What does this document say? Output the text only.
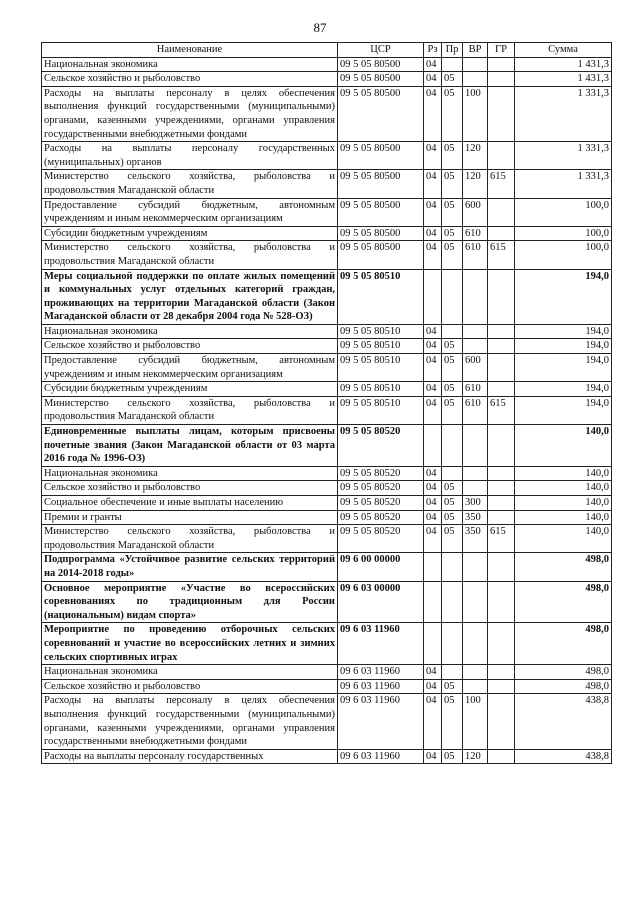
87
Наименование	ЦСР	Рз	Пр	ВР	ГР	Сумма
Национальная экономика	09 5 05 80500	04				1 431,3
Сельское хозяйство и рыболовство	09 5 05 80500	04	05			1 431,3
Расходы на выплаты персоналу в целях обеспечения выполнения функций государственными (муниципальными) органами, казенными учреждениями, органами управления государственными внебюджетными фондами	09 5 05 80500	04	05	100		1 331,3
Расходы на выплаты персоналу государственных (муниципальных) органов	09 5 05 80500	04	05	120		1 331,3
Министерство сельского хозяйства, рыболовства и продовольствия Магаданской области	09 5 05 80500	04	05	120	615	1 331,3
Предоставление субсидий бюджетным, автономным учреждениям и иным некоммерческим организациям	09 5 05 80500	04	05	600		100,0
Субсидии бюджетным учреждениям	09 5 05 80500	04	05	610		100,0
Министерство сельского хозяйства, рыболовства и продовольствия Магаданской области	09 5 05 80500	04	05	610	615	100,0
Меры социальной поддержки по оплате жилых помещений и коммунальных услуг отдельных категорий граждан, проживающих на территории Магаданской области (Закон Магаданской области от 28 декабря 2004 года № 528-ОЗ)	09 5 05 80510					194,0
Национальная экономика	09 5 05 80510	04				194,0
Сельское хозяйство и рыболовство	09 5 05 80510	04	05			194,0
Предоставление субсидий бюджетным, автономным учреждениям и иным некоммерческим организациям	09 5 05 80510	04	05	600		194,0
Субсидии бюджетным учреждениям	09 5 05 80510	04	05	610		194,0
Министерство сельского хозяйства, рыболовства и продовольствия Магаданской области	09 5 05 80510	04	05	610	615	194,0
Единовременные выплаты лицам, которым присвоены почетные звания (Закон Магаданской области от 03 марта 2016 года № 1996-ОЗ)	09 5 05 80520					140,0
Национальная экономика	09 5 05 80520	04				140,0
Сельское хозяйство и рыболовство	09 5 05 80520	04	05			140,0
Социальное обеспечение и иные выплаты населению	09 5 05 80520	04	05	300		140,0
Премии и гранты	09 5 05 80520	04	05	350		140,0
Министерство сельского хозяйства, рыболовства и продовольствия Магаданской области	09 5 05 80520	04	05	350	615	140,0
Подпрограмма «Устойчивое развитие сельских территорий на 2014-2018 годы»	09 6 00 00000					498,0
Основное мероприятие «Участие во всероссийских соревнованиях по традиционным для России (национальным) видам спорта»	09 6 03 00000					498,0
Мероприятие по проведению отборочных сельских соревнований и участие во всероссийских летних и зимних сельских спортивных играх	09 6 03 11960					498,0
Национальная экономика	09 6 03 11960	04				498,0
Сельское хозяйство и рыболовство	09 6 03 11960	04	05			498,0
Расходы на выплаты персоналу в целях обеспечения выполнения функций государственными (муниципальными) органами, казенными учреждениями, органами управления государственными внебюджетными фондами	09 6 03 11960	04	05	100		438,8
Расходы на выплаты персоналу государственных	09 6 03 11960	04	05	120		438,8
